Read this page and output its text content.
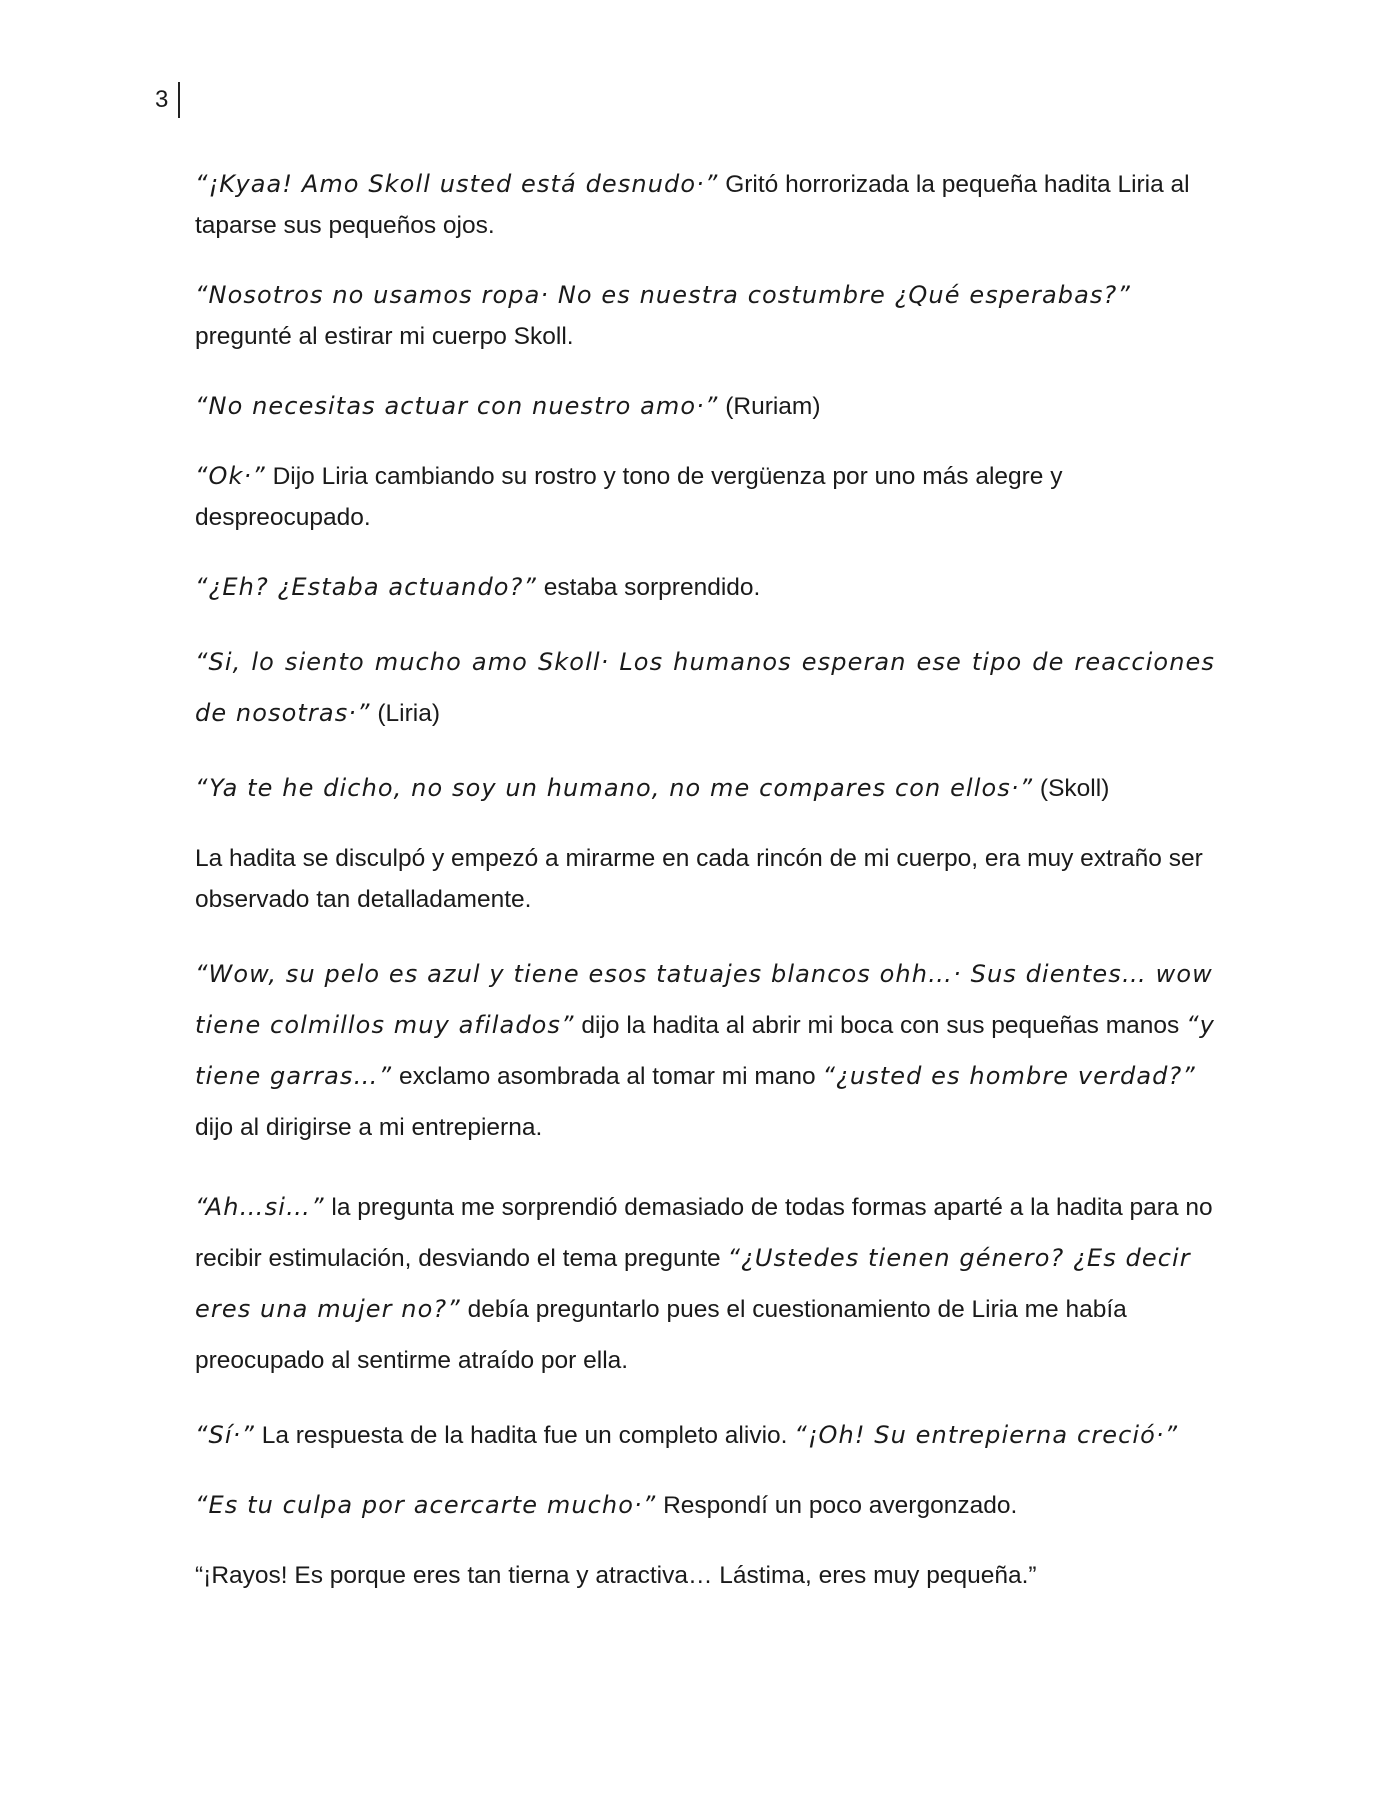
3

“¡Kyaa! Amo Skoll usted está desnudo·” Gritó horrorizada la pequeña hadita Liria al taparse sus pequeños ojos.

“Nosotros no usamos ropa· No es nuestra costumbre ¿Qué esperabas?” pregunté al estirar mi cuerpo Skoll.

“No necesitas actuar con nuestro amo·” (Ruriam)

“Ok·” Dijo Liria cambiando su rostro y tono de vergüenza por uno más alegre y despreocupado.

“¿Eh? ¿Estaba actuando?” estaba sorprendido.

“Si, lo siento mucho amo Skoll· Los humanos esperan ese tipo de reacciones de nosotras·” (Liria)

“Ya te he dicho, no soy un humano, no me compares con ellos·” (Skoll)

La hadita se disculpó y empezó a mirarme en cada rincón de mi cuerpo, era muy extraño ser observado tan detalladamente.

“Wow, su pelo es azul y tiene esos tatuajes blancos ohh…· Sus dientes… wow tiene colmillos muy afilados” dijo la hadita al abrir mi boca con sus pequeñas manos “y tiene garras…” exclamo asombrada al tomar mi mano “¿usted es hombre verdad?” dijo al dirigirse a mi entrepierna.

“Ah…si…” la pregunta me sorprendió demasiado de todas formas aparté a la hadita para no recibir estimulación, desviando el tema pregunte “¿Ustedes tienen género? ¿Es decir eres una mujer no?” debía preguntarlo pues el cuestionamiento de Liria me había preocupado al sentirme atraído por ella.

“Sí·” La respuesta de la hadita fue un completo alivio. “¡Oh! Su entrepierna creció·”

“Es tu culpa por acercarte mucho·” Respondí un poco avergonzado.

“¡Rayos! Es porque eres tan tierna y atractiva… Lástima, eres muy pequeña.”
